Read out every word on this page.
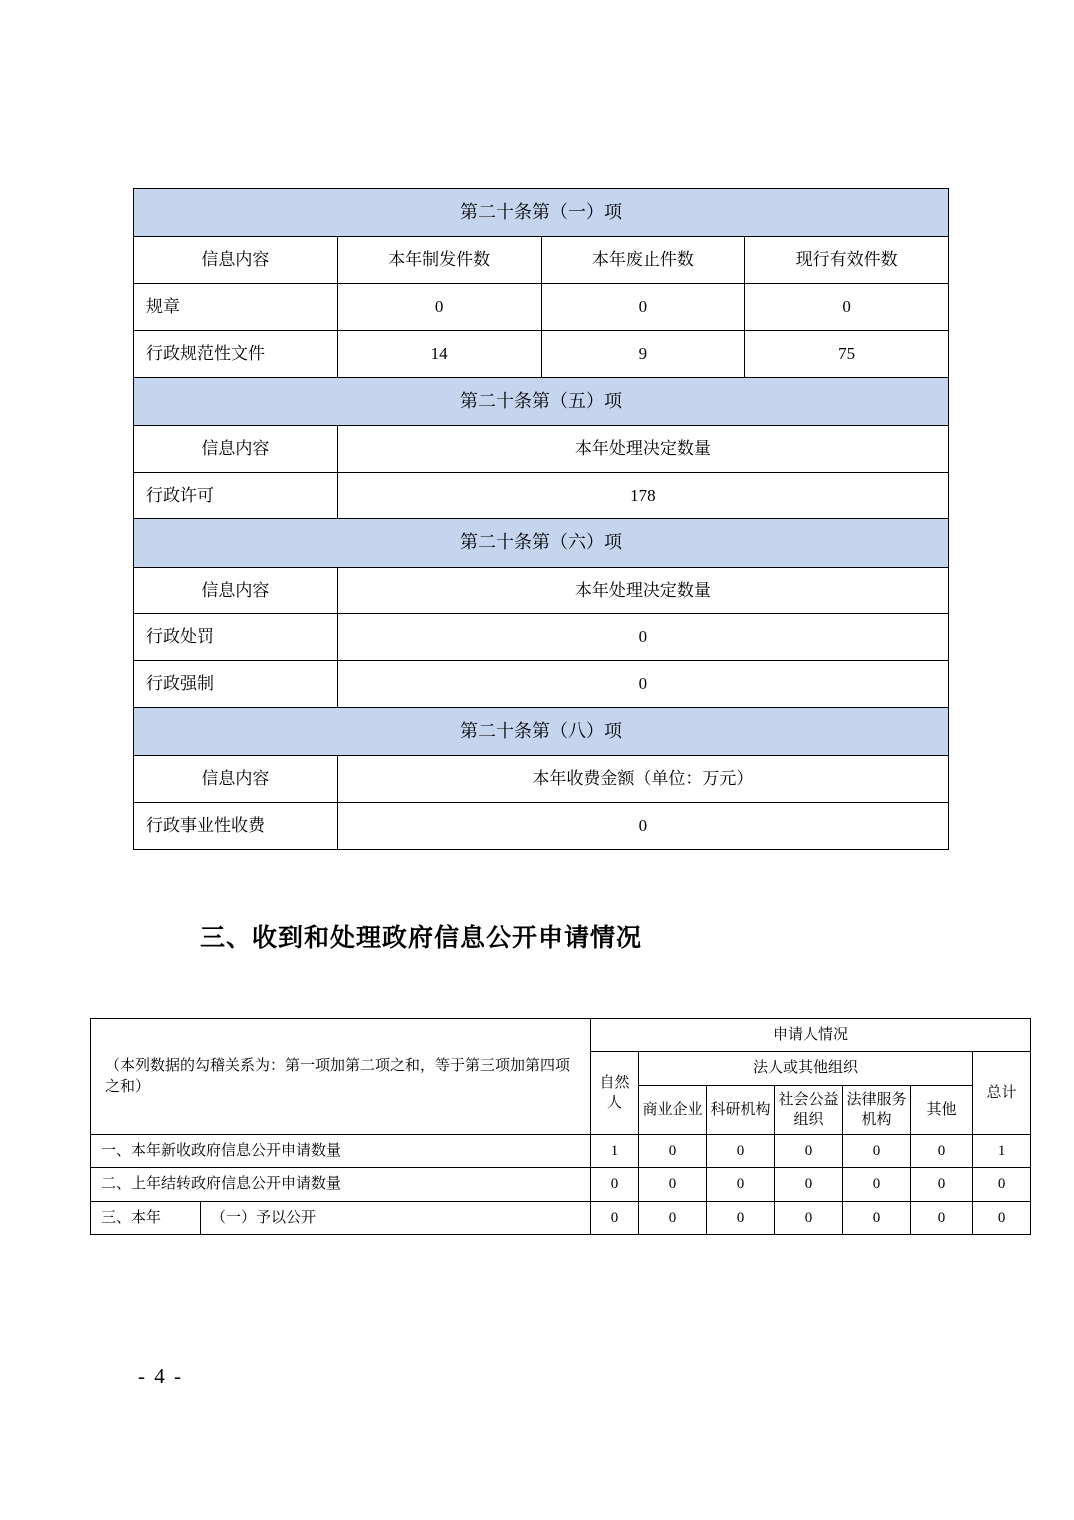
第二十条第（一）项			
信息内容	本年制发件数	本年废止件数	现行有效件数
规章	0	0	0
行政规范性文件	14	9	75
第二十条第（五）项			
信息内容	本年处理决定数量		
行政许可	178		
第二十条第（六）项			
信息内容	本年处理决定数量		
行政处罚	0		
行政强制	0		
第二十条第（八）项			
信息内容	本年收费金额（单位：万元）		
行政事业性收费	0		
三、收到和处理政府信息公开申请情况
（本列数据的勾稽关系为：第一项加第二项之和，等于第三项加第四项之和）		申请人情况						
		自然人	法人或其他组织					总计
			商业企业	科研机构	社会公益组织	法律服务机构	其他	
一、本年新收政府信息公开申请数量		1	0	0	0	0	0	1
二、上年结转政府信息公开申请数量		0	0	0	0	0	0	0
三、本年	（一）予以公开	0	0	0	0	0	0	0
- 4 -
